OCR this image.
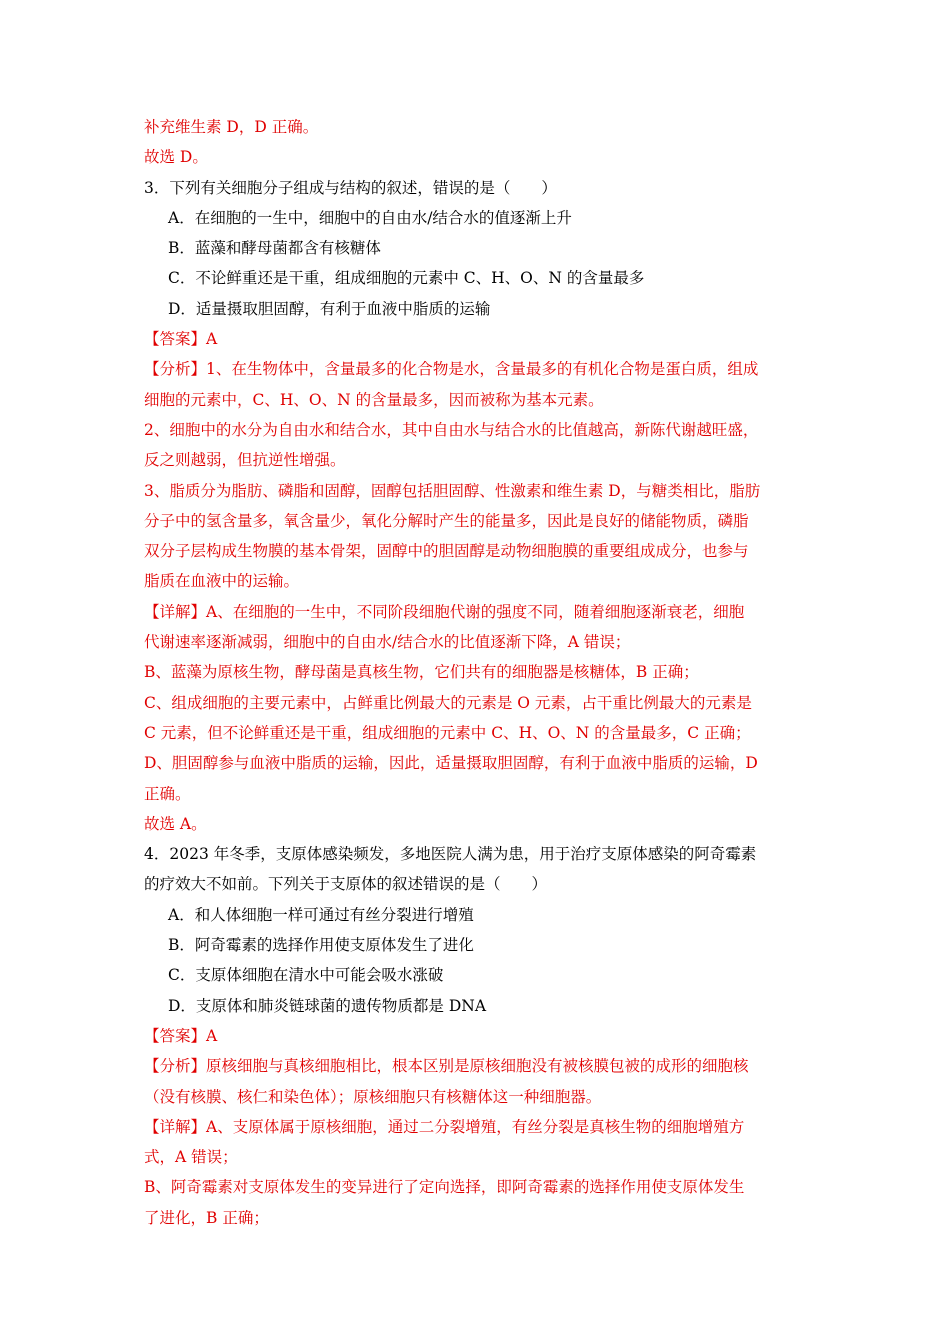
补充维生素 D，D 正确。
故选 D。
3．下列有关细胞分子组成与结构的叙述，错误的是（　　）
A．在细胞的一生中，细胞中的自由水/结合水的值逐渐上升
B．蓝藻和酵母菌都含有核糖体
C．不论鲜重还是干重，组成细胞的元素中 C、H、O、N 的含量最多
D．适量摄取胆固醇，有利于血液中脂质的运输
【答案】A
【分析】1、在生物体中，含量最多的化合物是水，含量最多的有机化合物是蛋白质，组成
细胞的元素中，C、H、O、N 的含量最多，因而被称为基本元素。
2、细胞中的水分为自由水和结合水，其中自由水与结合水的比值越高，新陈代谢越旺盛，
反之则越弱，但抗逆性增强。
3、脂质分为脂肪、磷脂和固醇，固醇包括胆固醇、性激素和维生素 D，与糖类相比，脂肪
分子中的氢含量多，氧含量少，氧化分解时产生的能量多，因此是良好的储能物质，磷脂
双分子层构成生物膜的基本骨架，固醇中的胆固醇是动物细胞膜的重要组成成分，也参与
脂质在血液中的运输。
【详解】A、在细胞的一生中，不同阶段细胞代谢的强度不同，随着细胞逐渐衰老，细胞
代谢速率逐渐减弱，细胞中的自由水/结合水的比值逐渐下降，A 错误；
B、蓝藻为原核生物，酵母菌是真核生物，它们共有的细胞器是核糖体，B 正确；
C、组成细胞的主要元素中，占鲜重比例最大的元素是 O 元素，占干重比例最大的元素是
C 元素，但不论鲜重还是干重，组成细胞的元素中 C、H、O、N 的含量最多，C 正确；
D、胆固醇参与血液中脂质的运输，因此，适量摄取胆固醇，有利于血液中脂质的运输，D
正确。
故选 A。
4．2023 年冬季，支原体感染频发，多地医院人满为患，用于治疗支原体感染的阿奇霉素
的疗效大不如前。下列关于支原体的叙述错误的是（　　）
A．和人体细胞一样可通过有丝分裂进行增殖
B．阿奇霉素的选择作用使支原体发生了进化
C．支原体细胞在清水中可能会吸水涨破
D．支原体和肺炎链球菌的遗传物质都是 DNA
【答案】A
【分析】原核细胞与真核细胞相比，根本区别是原核细胞没有被核膜包被的成形的细胞核
（没有核膜、核仁和染色体）；原核细胞只有核糖体这一种细胞器。
【详解】A、支原体属于原核细胞，通过二分裂增殖，有丝分裂是真核生物的细胞增殖方
式，A 错误；
B、阿奇霉素对支原体发生的变异进行了定向选择，即阿奇霉素的选择作用使支原体发生
了进化，B 正确；
